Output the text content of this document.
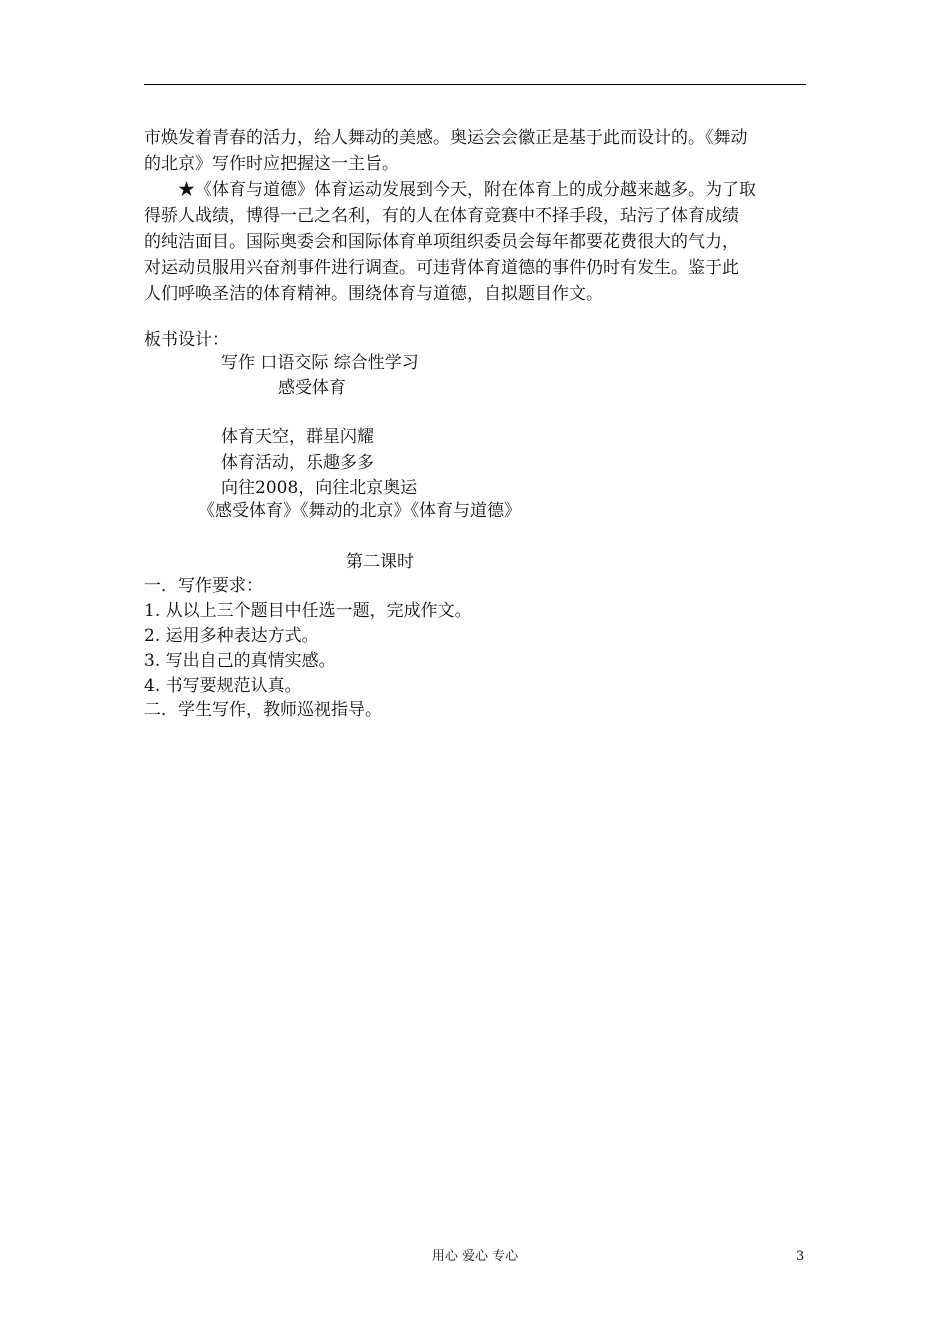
市焕发着青春的活力，给人舞动的美感。奥运会会徽正是基于此而设计的。《舞动
的北京》写作时应把握这一主旨。
★《体育与道德》体育运动发展到今天，附在体育上的成分越来越多。为了取
得骄人战绩，博得一己之名利，有的人在体育竞赛中不择手段，玷污了体育成绩
的纯洁面目。国际奥委会和国际体育单项组织委员会每年都要花费很大的气力，
对运动员服用兴奋剂事件进行调查。可违背体育道德的事件仍时有发生。鉴于此
人们呼唤圣洁的体育精神。围绕体育与道德，自拟题目作文。
板书设计：
写作 口语交际 综合性学习
感受体育
体育天空，群星闪耀
体育活动，乐趣多多
向往2008，向往北京奥运
《感受体育》《舞动的北京》《体育与道德》
第二课时
一．写作要求：
1. 从以上三个题目中任选一题，完成作文。
2. 运用多种表达方式。
3. 写出自己的真情实感。
4. 书写要规范认真。
二．学生写作，教师巡视指导。
用心 爱心 专心	3
